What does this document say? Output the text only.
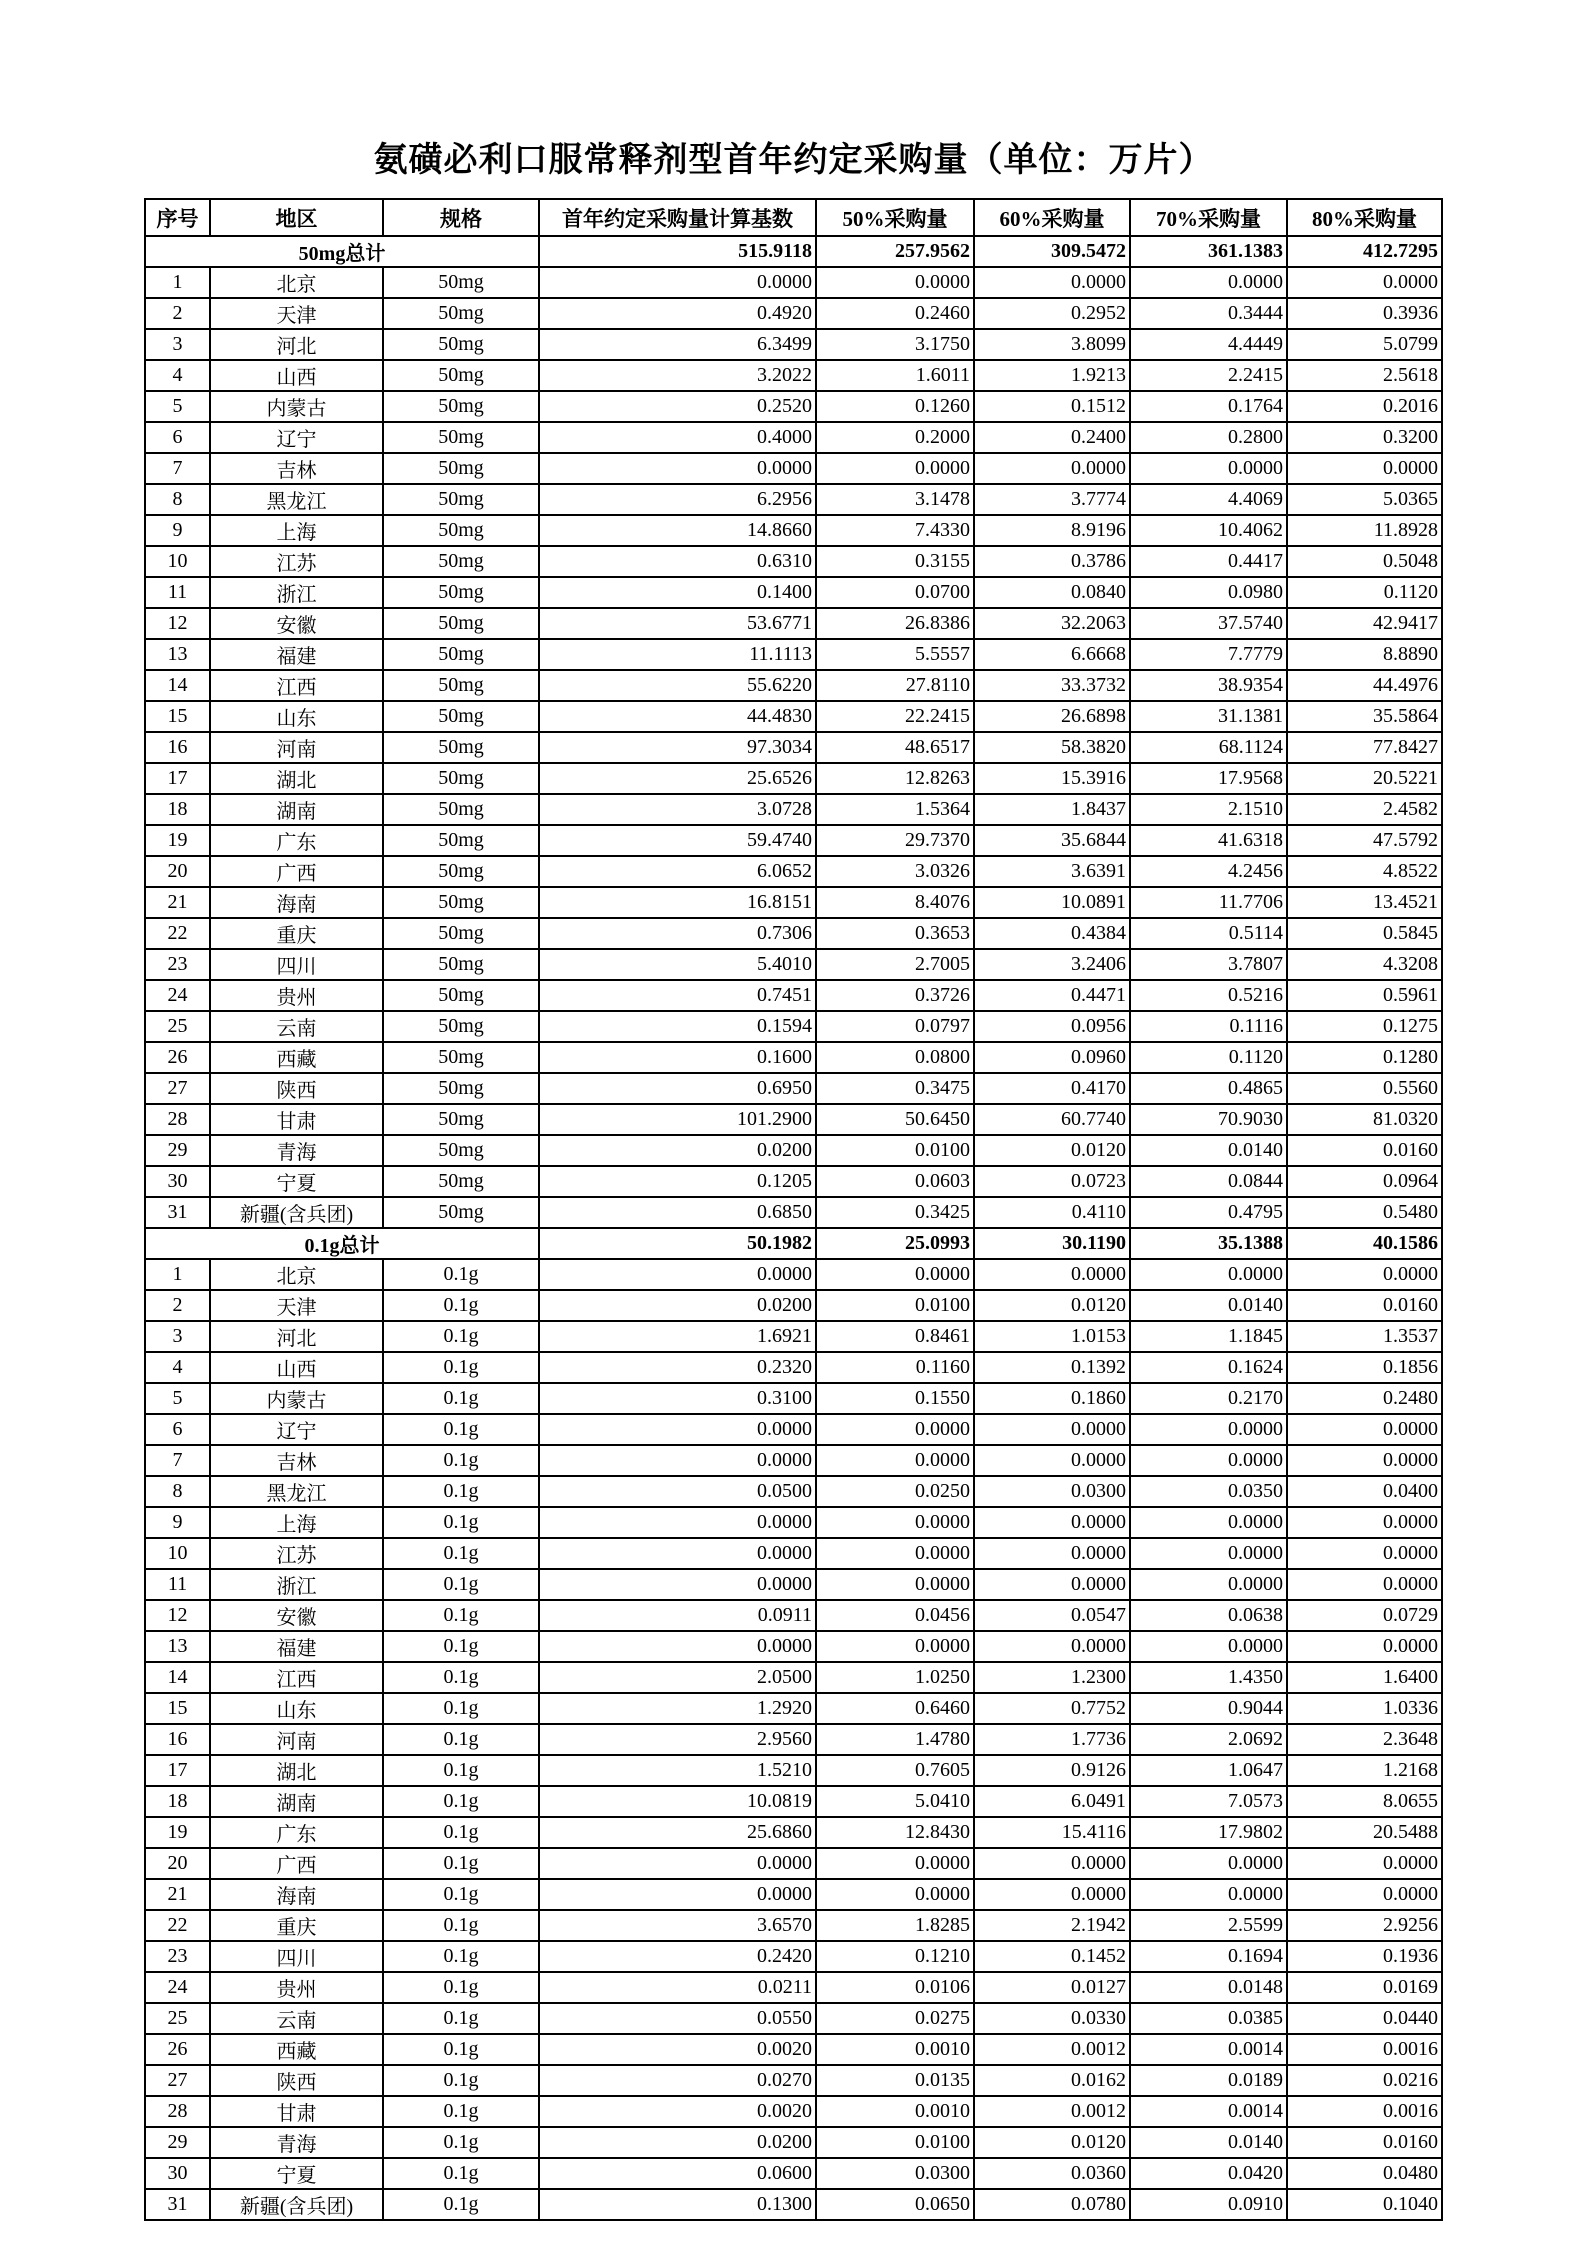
氨磺必利口服常释剂型首年约定采购量（单位：万片）
序号	地区	规格	首年约定采购量计算基数	50%采购量	60%采购量	70%采购量	80%采购量
50mg总计			515.9118	257.9562	309.5472	361.1383	412.7295
1	北京	50mg	0.0000	0.0000	0.0000	0.0000	0.0000
2	天津	50mg	0.4920	0.2460	0.2952	0.3444	0.3936
3	河北	50mg	6.3499	3.1750	3.8099	4.4449	5.0799
4	山西	50mg	3.2022	1.6011	1.9213	2.2415	2.5618
5	内蒙古	50mg	0.2520	0.1260	0.1512	0.1764	0.2016
6	辽宁	50mg	0.4000	0.2000	0.2400	0.2800	0.3200
7	吉林	50mg	0.0000	0.0000	0.0000	0.0000	0.0000
8	黑龙江	50mg	6.2956	3.1478	3.7774	4.4069	5.0365
9	上海	50mg	14.8660	7.4330	8.9196	10.4062	11.8928
10	江苏	50mg	0.6310	0.3155	0.3786	0.4417	0.5048
11	浙江	50mg	0.1400	0.0700	0.0840	0.0980	0.1120
12	安徽	50mg	53.6771	26.8386	32.2063	37.5740	42.9417
13	福建	50mg	11.1113	5.5557	6.6668	7.7779	8.8890
14	江西	50mg	55.6220	27.8110	33.3732	38.9354	44.4976
15	山东	50mg	44.4830	22.2415	26.6898	31.1381	35.5864
16	河南	50mg	97.3034	48.6517	58.3820	68.1124	77.8427
17	湖北	50mg	25.6526	12.8263	15.3916	17.9568	20.5221
18	湖南	50mg	3.0728	1.5364	1.8437	2.1510	2.4582
19	广东	50mg	59.4740	29.7370	35.6844	41.6318	47.5792
20	广西	50mg	6.0652	3.0326	3.6391	4.2456	4.8522
21	海南	50mg	16.8151	8.4076	10.0891	11.7706	13.4521
22	重庆	50mg	0.7306	0.3653	0.4384	0.5114	0.5845
23	四川	50mg	5.4010	2.7005	3.2406	3.7807	4.3208
24	贵州	50mg	0.7451	0.3726	0.4471	0.5216	0.5961
25	云南	50mg	0.1594	0.0797	0.0956	0.1116	0.1275
26	西藏	50mg	0.1600	0.0800	0.0960	0.1120	0.1280
27	陕西	50mg	0.6950	0.3475	0.4170	0.4865	0.5560
28	甘肃	50mg	101.2900	50.6450	60.7740	70.9030	81.0320
29	青海	50mg	0.0200	0.0100	0.0120	0.0140	0.0160
30	宁夏	50mg	0.1205	0.0603	0.0723	0.0844	0.0964
31	新疆(含兵团)	50mg	0.6850	0.3425	0.4110	0.4795	0.5480
0.1g总计			50.1982	25.0993	30.1190	35.1388	40.1586
1	北京	0.1g	0.0000	0.0000	0.0000	0.0000	0.0000
2	天津	0.1g	0.0200	0.0100	0.0120	0.0140	0.0160
3	河北	0.1g	1.6921	0.8461	1.0153	1.1845	1.3537
4	山西	0.1g	0.2320	0.1160	0.1392	0.1624	0.1856
5	内蒙古	0.1g	0.3100	0.1550	0.1860	0.2170	0.2480
6	辽宁	0.1g	0.0000	0.0000	0.0000	0.0000	0.0000
7	吉林	0.1g	0.0000	0.0000	0.0000	0.0000	0.0000
8	黑龙江	0.1g	0.0500	0.0250	0.0300	0.0350	0.0400
9	上海	0.1g	0.0000	0.0000	0.0000	0.0000	0.0000
10	江苏	0.1g	0.0000	0.0000	0.0000	0.0000	0.0000
11	浙江	0.1g	0.0000	0.0000	0.0000	0.0000	0.0000
12	安徽	0.1g	0.0911	0.0456	0.0547	0.0638	0.0729
13	福建	0.1g	0.0000	0.0000	0.0000	0.0000	0.0000
14	江西	0.1g	2.0500	1.0250	1.2300	1.4350	1.6400
15	山东	0.1g	1.2920	0.6460	0.7752	0.9044	1.0336
16	河南	0.1g	2.9560	1.4780	1.7736	2.0692	2.3648
17	湖北	0.1g	1.5210	0.7605	0.9126	1.0647	1.2168
18	湖南	0.1g	10.0819	5.0410	6.0491	7.0573	8.0655
19	广东	0.1g	25.6860	12.8430	15.4116	17.9802	20.5488
20	广西	0.1g	0.0000	0.0000	0.0000	0.0000	0.0000
21	海南	0.1g	0.0000	0.0000	0.0000	0.0000	0.0000
22	重庆	0.1g	3.6570	1.8285	2.1942	2.5599	2.9256
23	四川	0.1g	0.2420	0.1210	0.1452	0.1694	0.1936
24	贵州	0.1g	0.0211	0.0106	0.0127	0.0148	0.0169
25	云南	0.1g	0.0550	0.0275	0.0330	0.0385	0.0440
26	西藏	0.1g	0.0020	0.0010	0.0012	0.0014	0.0016
27	陕西	0.1g	0.0270	0.0135	0.0162	0.0189	0.0216
28	甘肃	0.1g	0.0020	0.0010	0.0012	0.0014	0.0016
29	青海	0.1g	0.0200	0.0100	0.0120	0.0140	0.0160
30	宁夏	0.1g	0.0600	0.0300	0.0360	0.0420	0.0480
31	新疆(含兵团)	0.1g	0.1300	0.0650	0.0780	0.0910	0.1040
